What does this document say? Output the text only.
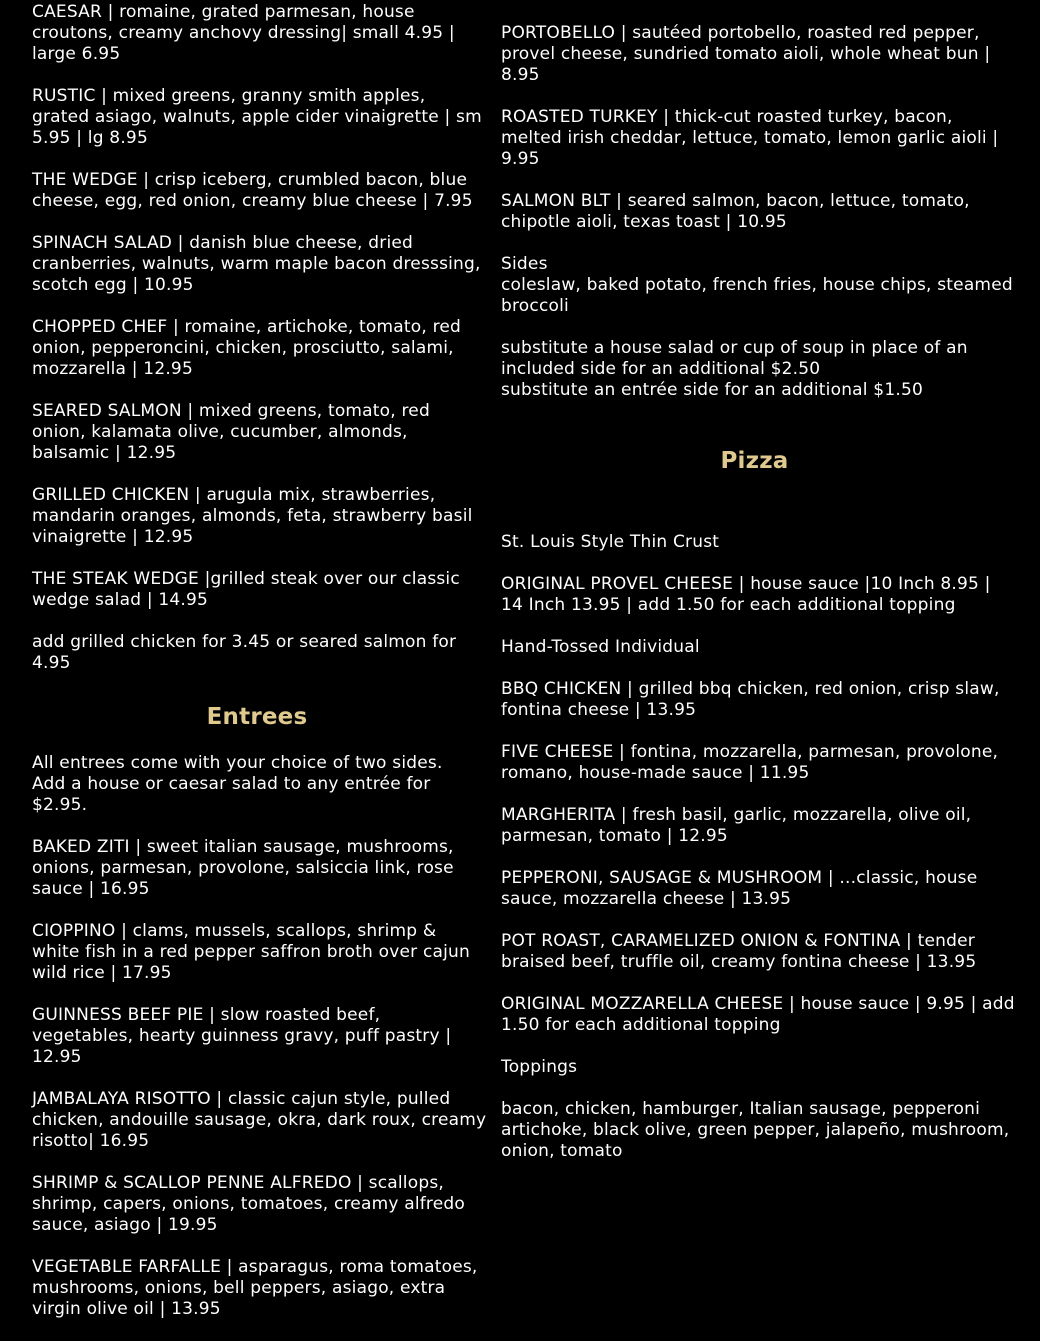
CAESAR | romaine, grated parmesan, house croutons, creamy anchovy dressing| small 4.95 | large 6.95
RUSTIC | mixed greens, granny smith apples, grated asiago, walnuts, apple cider vinaigrette | sm 5.95 | lg 8.95
THE WEDGE | crisp iceberg, crumbled bacon, blue cheese, egg, red onion, creamy blue cheese | 7.95
SPINACH SALAD | danish blue cheese, dried cranberries, walnuts, warm maple bacon dresssing, scotch egg | 10.95
CHOPPED CHEF | romaine, artichoke, tomato, red onion, pepperoncini, chicken, prosciutto, salami, mozzarella | 12.95
SEARED SALMON | mixed greens, tomato, red onion, kalamata olive, cucumber, almonds, balsamic | 12.95
GRILLED CHICKEN | arugula mix, strawberries, mandarin oranges, almonds, feta, strawberry basil vinaigrette | 12.95
THE STEAK WEDGE |grilled steak over our classic wedge salad | 14.95
add grilled chicken for 3.45 or seared salmon for 4.95
Entrees
All entrees come with your choice of two sides.
Add a house or caesar salad to any entrée for $2.95.
BAKED ZITI | sweet italian sausage, mushrooms, onions, parmesan, provolone, salsiccia link, rose sauce | 16.95
CIOPPINO | clams, mussels, scallops, shrimp & white fish in a red pepper saffron broth over cajun wild rice | 17.95
GUINNESS BEEF PIE | slow roasted beef, vegetables, hearty guinness gravy, puff pastry | 12.95
JAMBALAYA RISOTTO | classic cajun style, pulled chicken, andouille sausage, okra, dark roux, creamy risotto| 16.95
SHRIMP & SCALLOP PENNE ALFREDO | scallops, shrimp, capers, onions, tomatoes, creamy alfredo sauce, asiago | 19.95
VEGETABLE FARFALLE | asparagus, roma tomatoes, mushrooms, onions, bell peppers, asiago, extra virgin olive oil | 13.95
PORTOBELLO | sautéed portobello, roasted red pepper, provel cheese, sundried tomato aioli, whole wheat bun | 8.95
ROASTED TURKEY | thick-cut roasted turkey, bacon, melted irish cheddar, lettuce, tomato, lemon garlic aioli | 9.95
SALMON BLT | seared salmon, bacon, lettuce, tomato, chipotle aioli, texas toast | 10.95
Sides
coleslaw, baked potato, french fries, house chips, steamed broccoli
substitute a house salad or cup of soup in place of an included side for an additional $2.50
substitute an entrée side for an additional $1.50
Pizza
St. Louis Style Thin Crust
ORIGINAL PROVEL CHEESE | house sauce |10 Inch 8.95 | 14 Inch 13.95 | add 1.50 for each additional topping
Hand-Tossed Individual
BBQ CHICKEN | grilled bbq chicken, red onion, crisp slaw, fontina cheese | 13.95
FIVE CHEESE | fontina, mozzarella, parmesan, provolone, romano, house-made sauce | 11.95
MARGHERITA | fresh basil, garlic, mozzarella, olive oil, parmesan, tomato | 12.95
PEPPERONI, SAUSAGE & MUSHROOM | ...classic, house sauce, mozzarella cheese | 13.95
POT ROAST, CARAMELIZED ONION & FONTINA | tender braised beef, truffle oil, creamy fontina cheese | 13.95
ORIGINAL MOZZARELLA CHEESE | house sauce | 9.95 | add 1.50 for each additional topping
Toppings
bacon, chicken, hamburger, Italian sausage, pepperoni artichoke, black olive, green pepper, jalapeño, mushroom, onion, tomato
